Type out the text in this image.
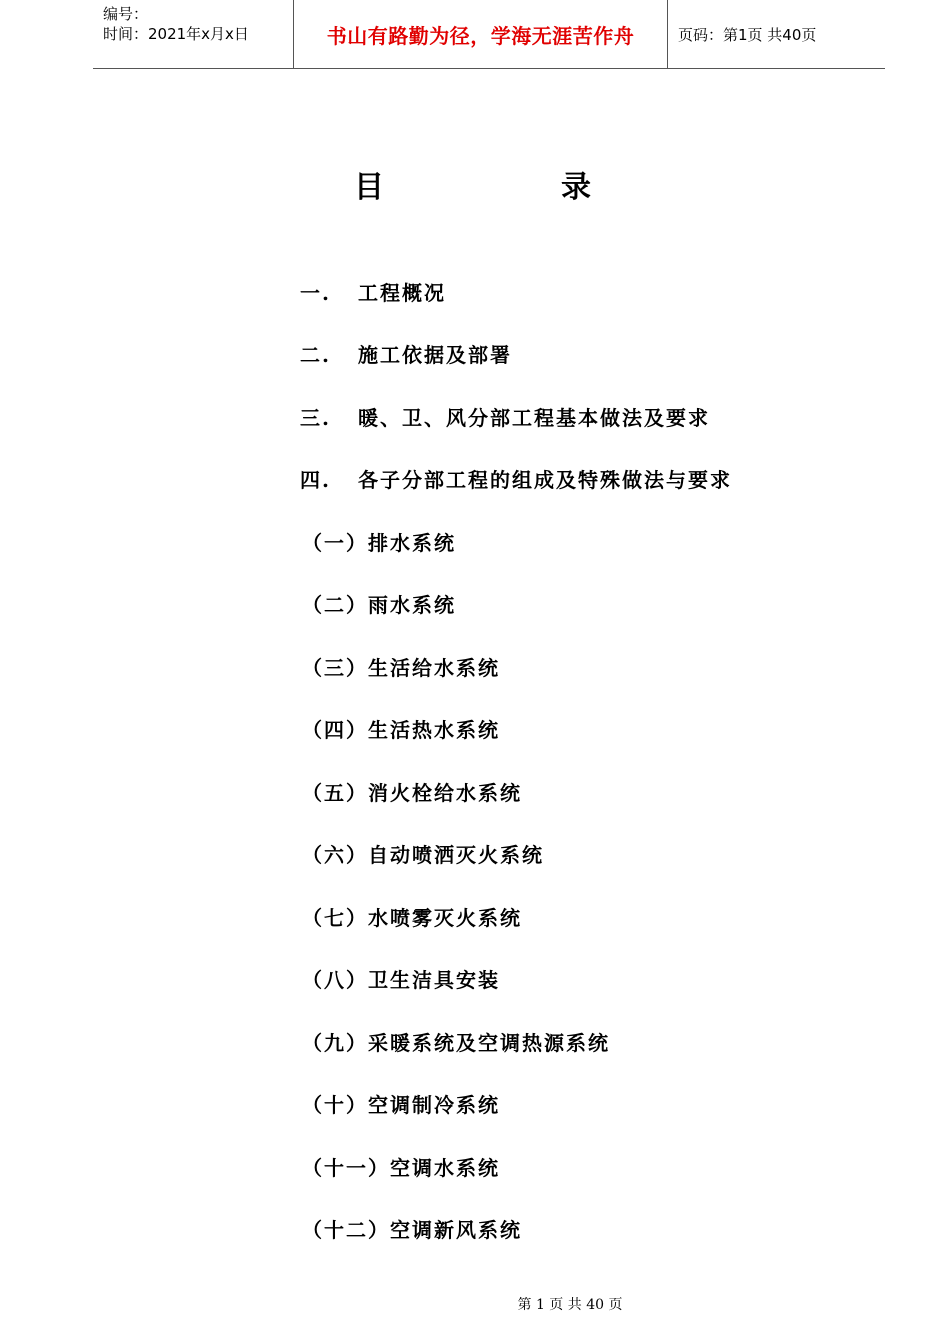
编号：
时间：2021年x月x日	书山有路勤为径，学海无涯苦作舟	页码：第1页 共40页
目	录
一. 工程概况
二. 施工依据及部署
三. 暖、卫、风分部工程基本做法及要求
四. 各子分部工程的组成及特殊做法与要求
（一）排水系统
（二）雨水系统
（三）生活给水系统
（四）生活热水系统
（五）消火栓给水系统
（六）自动喷洒灭火系统
（七）水喷雾灭火系统
（八）卫生洁具安装
（九）采暖系统及空调热源系统
（十）空调制冷系统
（十一）空调水系统
（十二）空调新风系统
第 1 页 共 40 页
